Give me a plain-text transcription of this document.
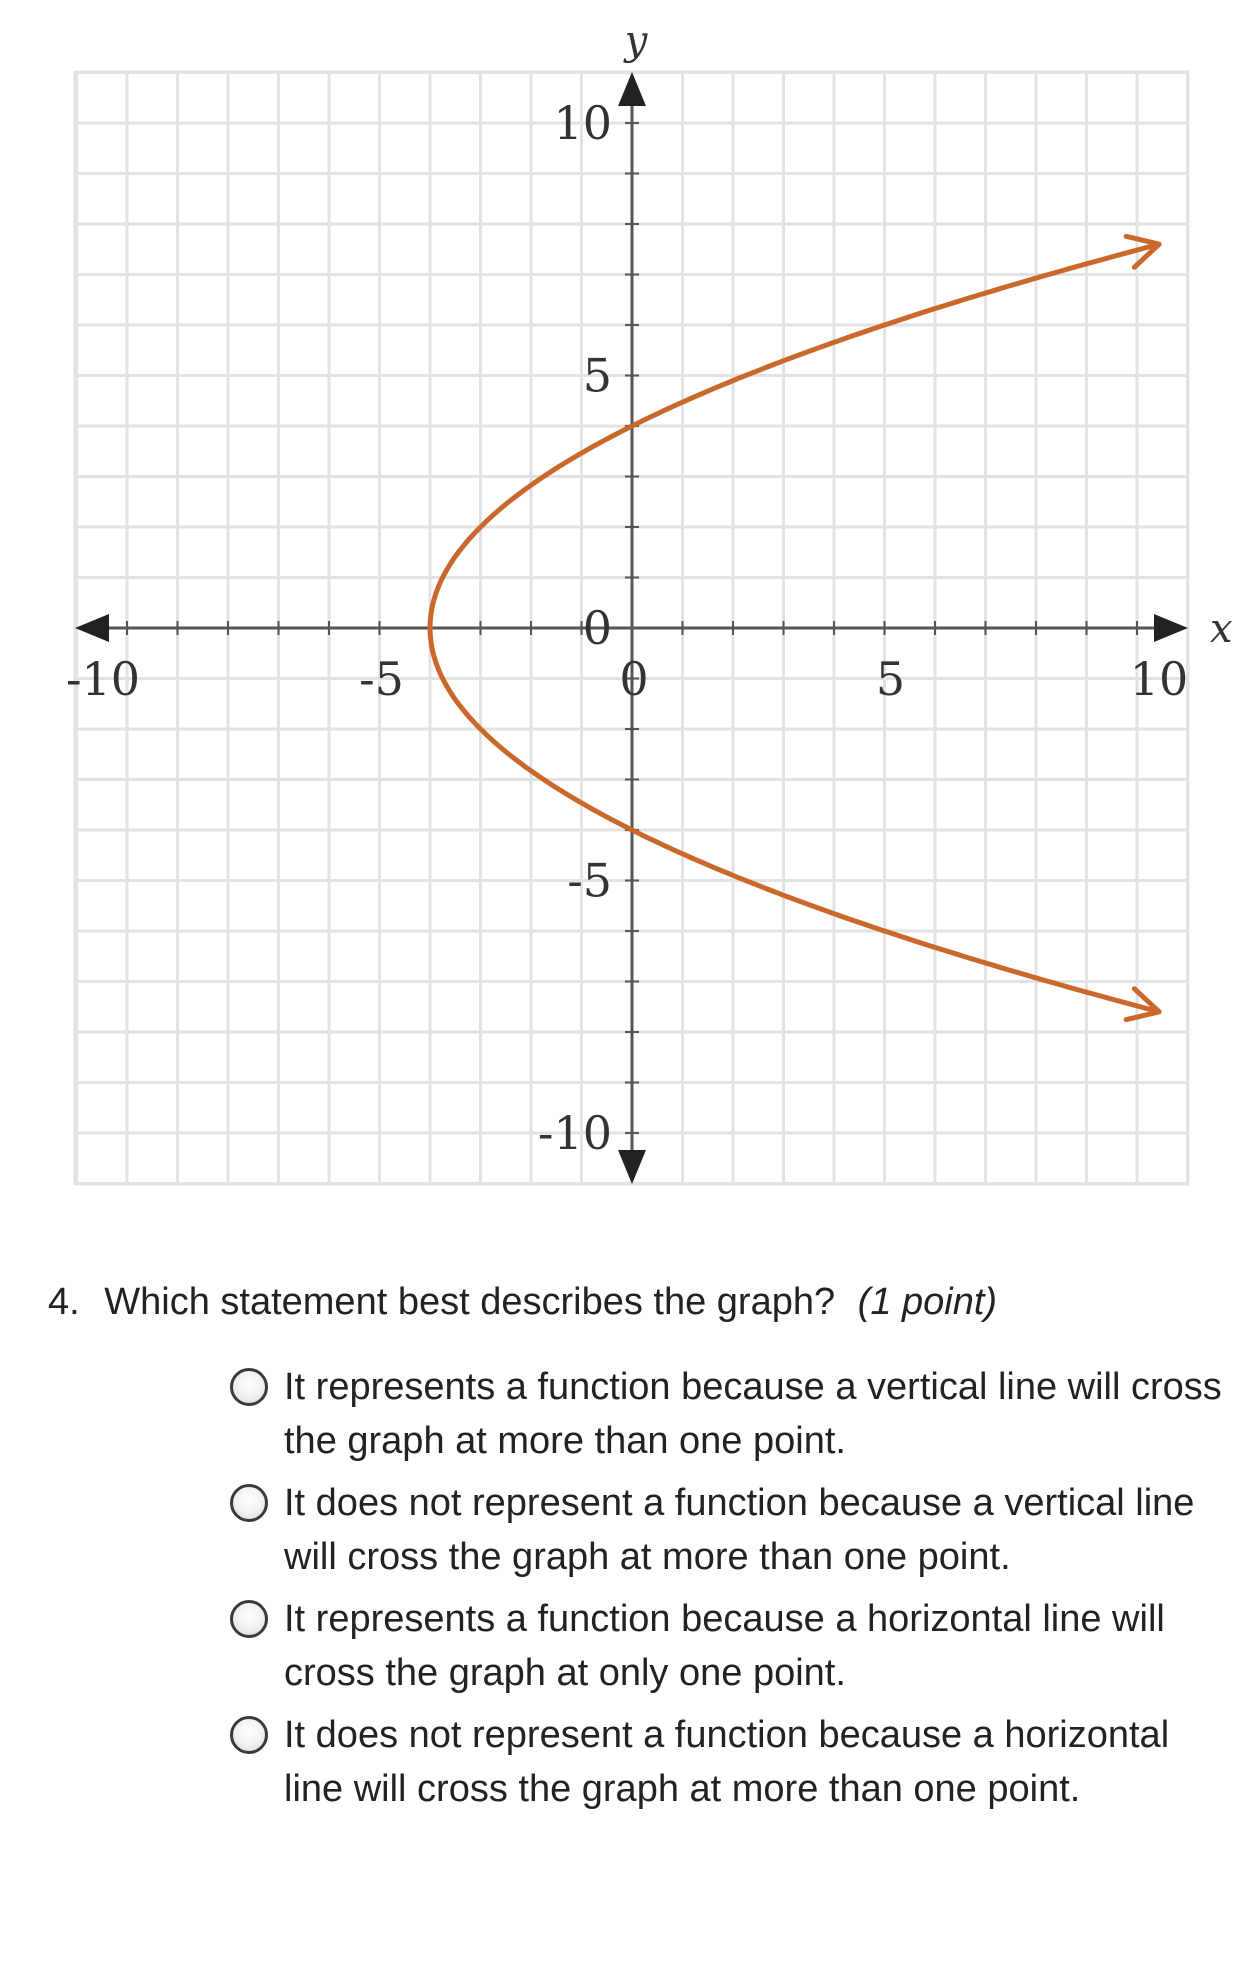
x
y
-10	-5	0	5	10
10
5
0
-5
-10
4. Which statement best describes the graph? (1 point)
It represents a function because a vertical line will cross the graph at more than one point.
It does not represent a function because a vertical line will cross the graph at more than one point.
It represents a function because a horizontal line will cross the graph at only one point.
It does not represent a function because a horizontal line will cross the graph at more than one point.
